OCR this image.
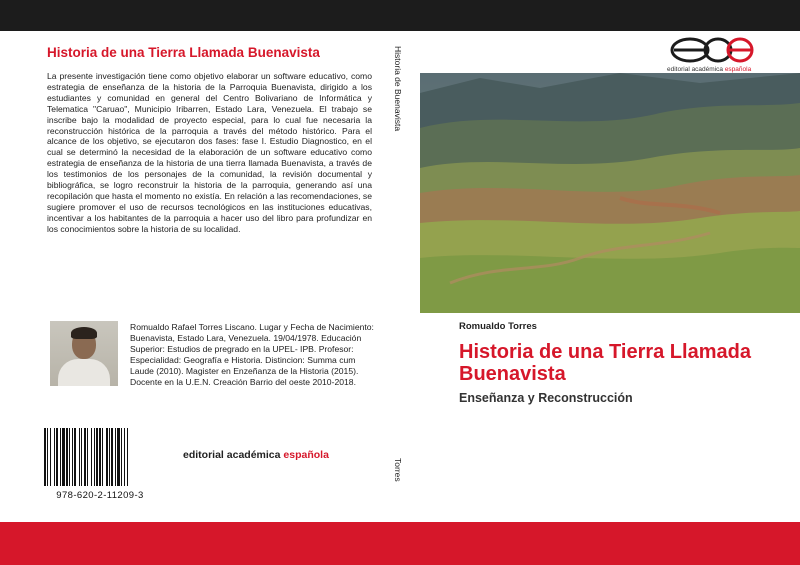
Historia de una Tierra Llamada Buenavista

La presente investigación tiene como objetivo elaborar un software educativo, como estrategia de enseñanza de la historia de la Parroquia Buenavista, dirigido a los estudiantes y comunidad en general del Centro Bolivariano de Informática y Telematica "Caruao", Municipio Iribarren, Estado Lara, Venezuela. El trabajo se inscribe bajo la modalidad de proyecto especial, para lo cual fue necesaria la reconstrucción histórica de la parroquia a través del método histórico. Para el alcance de los objetivo, se ejecutaron dos fases: fase I. Estudio Diagnostico, en el cual se determinó la necesidad de la elaboración de un software educativo como estrategia de enseñanza de la historia de una tierra llamada Buenavista, a través de los testimonios de los personajes de la comunidad, la revisión documental y bibliográfica, se logro reconstruir la historia de la parroquia, generando así una recopilación que hasta el momento no existía. En relación a las recomendaciones, se sugiere promover el uso de recursos tecnológicos en las instituciones educativas, incentivar a los habitantes de la parroquia a hacer uso del libro para profundizar en los conocimientos sobre la historia de su localidad.

Romualdo Rafael Torres Liscano. Lugar y Fecha de Nacimiento: Buenavista, Estado Lara, Venezuela. 19/04/1978. Educación Superior: Estudios de pregrado en la UPEL- IPB. Profesor: Especialidad: Geografía e Historia. Distincion: Summa cum Laude (2010). Magister en Enzeñanza de la Historia (2015). Docente en la U.E.N. Creación Barrio del oeste 2010-2018.

978-620-2-11209-3
editorial académica española
Historia de Buenavista
Torres
editorial académica española
Romualdo Torres

Historia de una Tierra Llamada Buenavista

Enseñanza y Reconstrucción
